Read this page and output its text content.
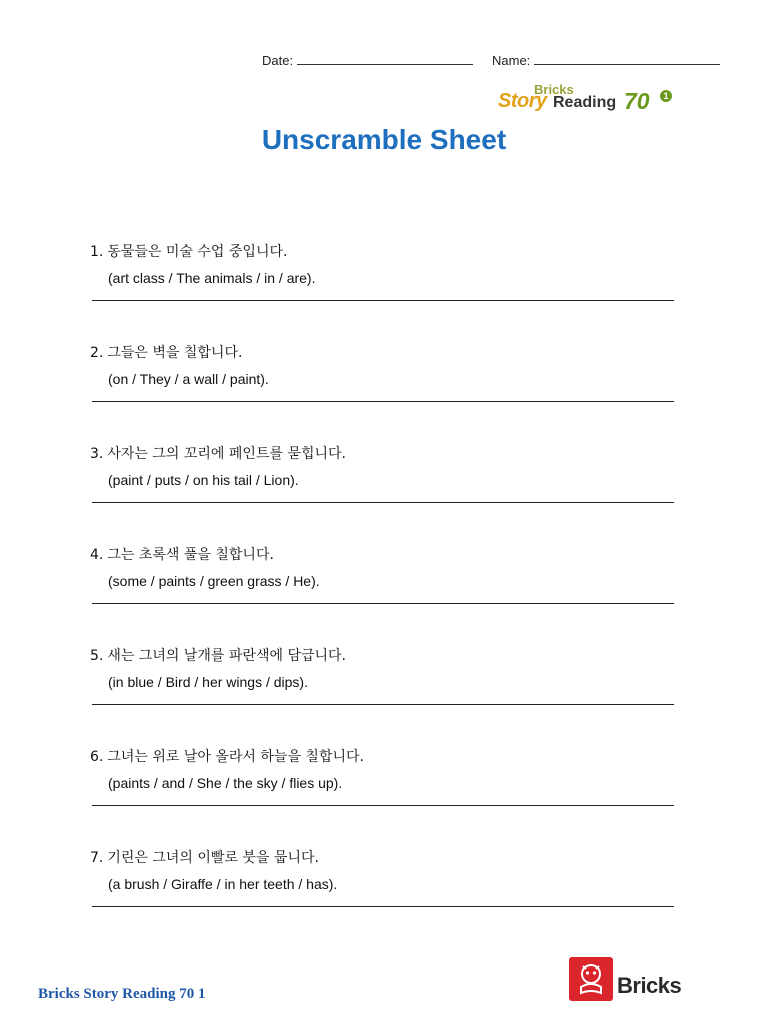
Date:	Name:
Bricks
Story Reading 70	1
Unscramble Sheet
1. 동물들은 미술 수업 중입니다.
(art class / The animals / in / are).
2. 그들은 벽을 칠합니다.
(on / They / a wall / paint).
3. 사자는 그의 꼬리에 페인트를 묻힙니다.
(paint / puts / on his tail / Lion).
4. 그는 초록색 풀을 칠합니다.
(some / paints / green grass / He).
5. 새는 그녀의 날개를 파란색에 담급니다.
(in blue / Bird / her wings / dips).
6. 그녀는 위로 날아 올라서 하늘을 칠합니다.
(paints / and / She / the sky / flies up).
7. 기린은 그녀의 이빨로 붓을 뭅니다.
(a brush / Giraffe / in her teeth / has).
Bricks Story Reading 70 1	Bricks
